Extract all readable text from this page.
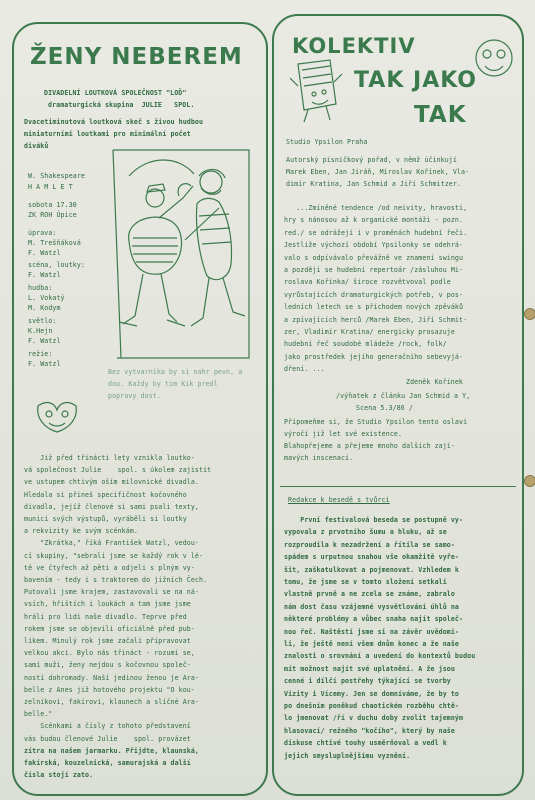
ŽENY NEBEREM
DIVADELNÍ LOUTKOVÁ SPOLEČNOST "LOĎ"
dramaturgická skupina  JULIE   SPOL.
Dvacetiminutová loutková skeč s živou hudbou
miniaturními loutkami pro minimální počet
diváků
W. Shakespeare
H A M L E T
sobota 17.30
ZK ROH Úpice
úprava:
M. Trešňáková
F. Watzl
scéna, loutky:
F. Watzl
hudba:
L. Vokatý
M. Kodym
světlo:
K.Hejn
F. Watzl
režie:
F. Watzl
Bez vytvarnika by si nahr pevn, a
dou. Každy by tim Kik predl
popravy dost.
Již před třinácti lety vznikla loutko-
vá společnost Julie    spol. s úkolem zajistit
ve ustupem chtivým oším milovnické divadla.
Hledala si přineš specifičnost kočovného
divadla, jejíž členové si sami psali texty,
munici svých výstupů, vyráběli si loutky
a rekvizity ke svým scénkám.
"Zkrátka," říká František Watzl, vedou-
cí skupiny, "sebrali jsme se každý rok v lé-
tě ve čtyřech až pěti a odjeli s plným vy-
bavením - tedy i s traktorem do jižních Čech.
Putovali jsme krajem, zastavovali se na ná-
vsích, hřištích i loukách a tam jsme jsme
hráli pro lidi naše divadlo. Teprve před
rokem jsme se objevili oficiálně před pub-
likem. Minulý rok jsme začali připravovat
velkou akci. Bylo nás třináct - rozumí se,
samí muži, ženy nejdou s kočovnou společ-
ností dohromady. Naší jedinou ženou je Ara-
belle z Anes již hotového projektu "O kou-
zelníkovi, fakírovi, klaunech a slíčné Ara-
belle."
Scénkami a čísly z tohoto představení
vás budou členové Julie    spol. provázet
zítra na našem jarmarku. Přijdte, klaunská,
fakírská, kouzelnická, samurajská a další
čísla stojí zato.
KOLEKTIV
TAK JAKO
TAK
Studio Ypsilon Praha
Autorský písničkový pořad, v němž účinkují
Marek Eben, Jan Jiráň, Miroslav Kořínek, Vla-
dimír Kratina, Jan Schmid a Jiří Schmitzer.
...Zmíněné tendence /od neivity, hravosti,
hry s nánosou až k organické montáži - pozn.
red./ se odrážejí i v proměnách hudební řeči.
Jestliže výchozí období Ypsilonky se odehrá-
valo s odpívávalo převážně ve znamení swingu
a později se hudební repertoár /zásluhou Mi-
roslava Kořínka/ široce rozvětvoval podle
vyrůstajících dramaturgických potřeb, v pos-
ledních letech se s příchodem nových zpěváků
a zpívajících herců /Marek Eben, Jiří Schmit-
zer, Vladimír Kratina/ energicky prosazuje
hudební řeč soudobé mládeže /rock, folk/
jako prostředek jejího generačního sebevyjá-
dření. ...
Zdeněk Kořínek
/výňatek z článku Jan Schmid a Y,
Scena 5.3/86 /
Připomeňme si, že Studio Ypsilon tento oslaví
výročí již let své existence.
Blahopřejeme a přejeme mnoho dalších zají-
mavých inscenací.
Redakce k besedě s tvůrci
První festivalová beseda se postupně vy-
vypovala z prvotního šumu a hluku, až se
rozproudila k nezadržení a řítila se samo-
spádem s urputnou snahou vše okamžitě vyře-
šit, zaškatulkovat a pojmenovat. Vzhledem k
tomu, že jsme se v tomto složení setkali
vlastně prvně a ne zcela se známe, zabralo
nám dost času vzájemné vysvětlování úhlů na
některé problémy a vůbec snaha najít společ-
nou řeč. Naštěstí jsme si na závěr uvědomi-
li, že ještě není všem dnům konec a že naše
znalosti o srovnání a uvedení do kontextů budou
mít možnost najít své uplatnění. A že jsou
cenné i dílčí postřehy týkající se tvorby
Vizity i Vícemy. Jen se domníváme, že by to
po dnešním poněkud chaotickém rozběhu chtě-
lo jmenovat /ří v duchu doby zvolit tajemným
hlasovací/ režného "kočího", který by naše
diskuse chtivé touhy usměrňoval a vedl k
jejich smysluplnějšímu vyznění.
